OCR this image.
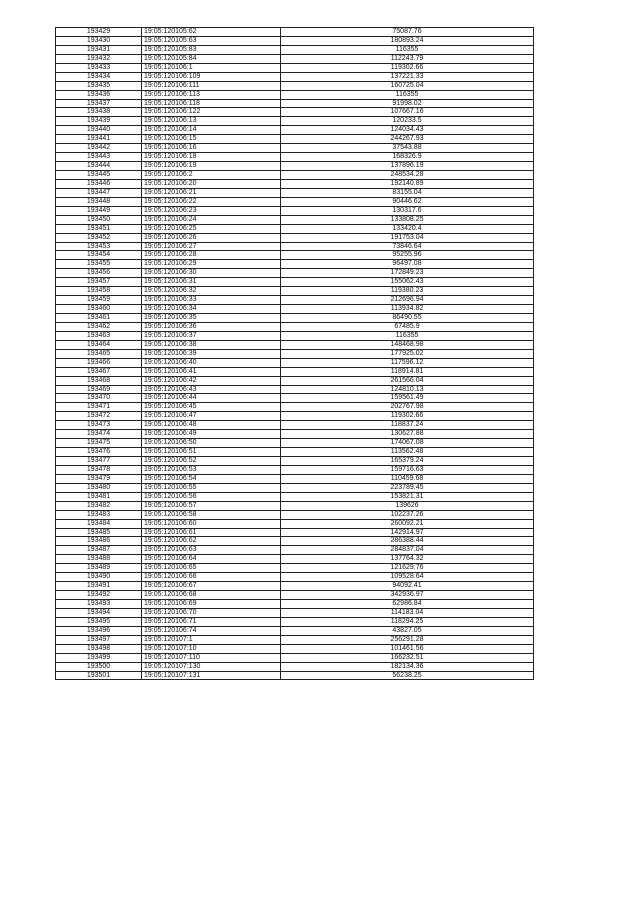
193429	19:05:120105:62	75087.76
193430	19:05:120105:63	180893.24
193431	19:05:120105:83	116355
193432	19:05:120105:84	112243.79
193433	19:05:120106:1	119302.66
193434	19:05:120106:109	137221.33
193435	19:05:120106:111	160725.04
193436	19:05:120106:113	116355
193437	19:05:120106:118	91998.02
193438	19:05:120106:122	107667.16
193439	19:05:120106:13	120233.5
193440	19:05:120106:14	124034.43
193441	19:05:120106:15	244267.93
193442	19:05:120106:16	37543.88
193443	19:05:120106:18	168326.9
193444	19:05:120106:19	137896.19
193445	19:05:120106:2	248534.28
193446	19:05:120106:20	192140.89
193447	19:05:120106:21	83155.04
193448	19:05:120106:22	90446.62
193449	19:05:120106:23	130317.6
193450	19:05:120106:24	133808.25
193451	19:05:120106:25	133420.4
193452	19:05:120106:26	191753.04
193453	19:05:120106:27	73846.64
193454	19:05:120106:28	95255.96
193455	19:05:120106:29	96497.08
193456	19:05:120106:30	172849.23
193457	19:05:120106:31	155062.43
193458	19:05:120106:32	119380.23
193459	19:05:120106:33	212696.94
193460	19:05:120106:34	113934.82
193461	19:05:120106:35	86490.55
193462	19:05:120106:36	67485.9
193463	19:05:120106:37	116355
193464	19:05:120106:38	148468.98
193465	19:05:120106:39	177925.02
193466	19:05:120106:40	117596.12
193467	19:05:120106:41	118914.81
193468	19:05:120106:42	261566.04
193469	19:05:120106:43	124810.13
193470	19:05:120106:44	159561.49
193471	19:05:120106:45	202767.98
193472	19:05:120106:47	119302.66
193473	19:05:120106:48	118837.24
193474	19:05:120106:49	130627.88
193475	19:05:120106:50	174067.08
193476	19:05:120106:51	113562.48
193477	19:05:120106:52	165379.24
193478	19:05:120106:53	159716.63
193479	19:05:120106:54	110459.68
193480	19:05:120106:55	223789.45
193481	19:05:120106:56	153821.31
193482	19:05:120106:57	139626
193483	19:05:120106:58	102237.26
193484	19:05:120106:60	260092.21
193485	19:05:120106:61	142914.97
193486	19:05:120106:62	286388.44
193487	19:05:120106:63	284837.04
193488	19:05:120106:64	137764.32
193489	19:05:120106:65	121629.76
193490	19:05:120106:66	109528.64
193491	19:05:120106:67	94092.41
193492	19:05:120106:68	342936.97
193493	19:05:120106:69	62986.84
193494	19:05:120106:70	114183.04
193495	19:05:120106:71	118294.25
193496	19:05:120106:74	43827.05
193497	19:05:120107:1	256291.28
193498	19:05:120107:10	101461.56
193499	19:05:120107:110	166232.51
193500	19:05:120107:130	182134.36
193501	19:05:120107:131	56238.25
